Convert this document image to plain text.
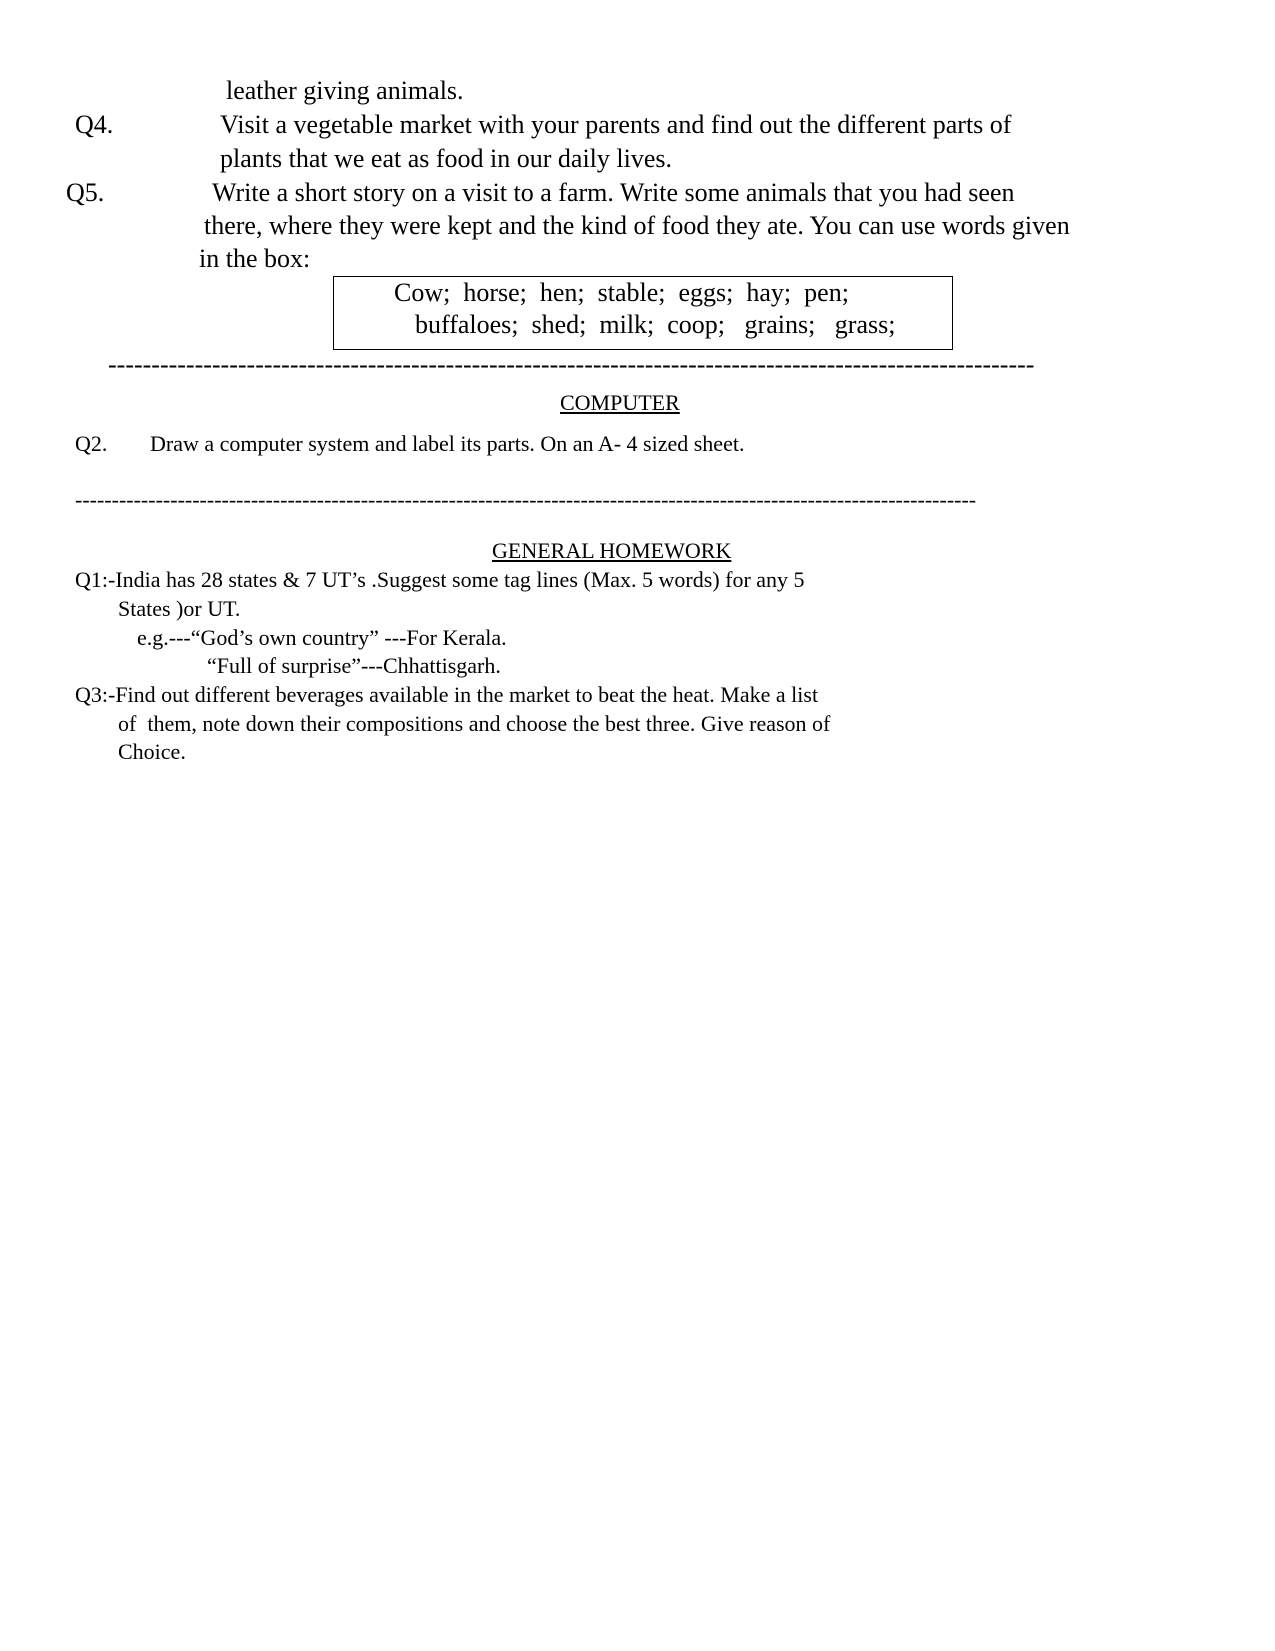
leather giving animals.
Q4.	Visit a vegetable market with your parents and find out the different parts of
plants that we eat as food in our daily lives.
Q5.	Write a short story on a visit to a farm. Write some animals that you had seen
there, where they were kept and the kind of food they ate. You can use words given
in the box:
Cow;  horse;  hen;  stable;  eggs;  hay;  pen;
buffaloes;  shed;  milk;  coop;   grains;   grass;
-----------------------------------------------------------------------------------------------------------
COMPUTER
Q2. Draw a computer system and label its parts. On an A- 4 sized sheet.
---------------------------------------------------------------------------------------------------------------------------
GENERAL HOMEWORK
Q1:-India has 28 states & 7 UT’s .Suggest some tag lines (Max. 5 words) for any 5
States )or UT.
e.g.---“God’s own country” ---For Kerala.
“Full of surprise”---Chhattisgarh.
Q3:-Find out different beverages available in the market to beat the heat. Make a list
of  them, note down their compositions and choose the best three. Give reason of
Choice.
